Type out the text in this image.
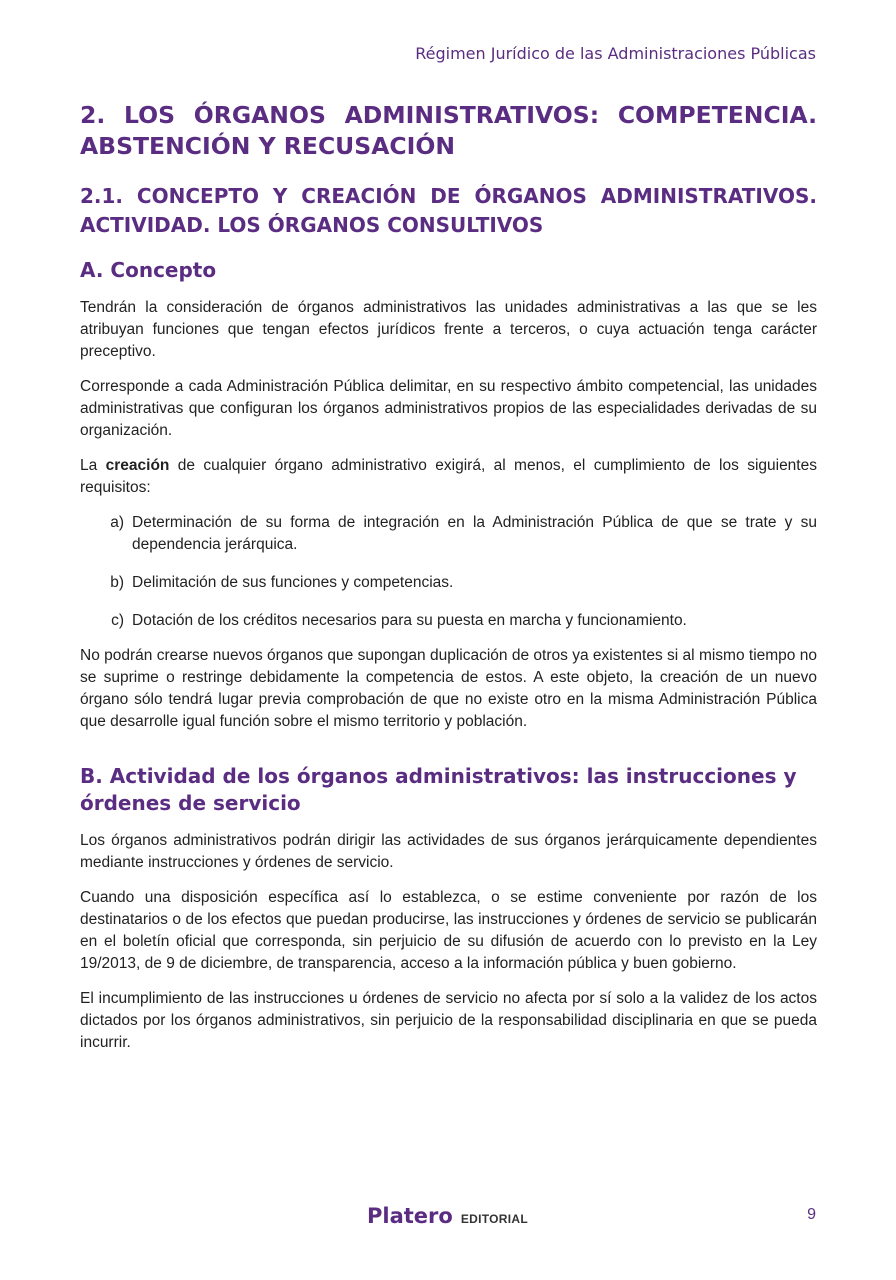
Régimen Jurídico de las Administraciones Públicas
2. LOS ÓRGANOS ADMINISTRATIVOS: COMPETENCIA. ABSTENCIÓN Y RECUSACIÓN
2.1. CONCEPTO Y CREACIÓN DE ÓRGANOS ADMINISTRATIVOS. ACTIVIDAD. LOS ÓRGANOS CONSULTIVOS
A. Concepto

Tendrán la consideración de órganos administrativos las unidades administrativas a las que se les atribuyan funciones que tengan efectos jurídicos frente a terceros, o cuya actuación tenga carácter preceptivo.

Corresponde a cada Administración Pública delimitar, en su respectivo ámbito competencial, las unidades administrativas que configuran los órganos administrativos propios de las especialidades derivadas de su organización.

La creación de cualquier órgano administrativo exigirá, al menos, el cumplimiento de los siguientes requisitos:

a) Determinación de su forma de integración en la Administración Pública de que se trate y su dependencia jerárquica.
b) Delimitación de sus funciones y competencias.
c) Dotación de los créditos necesarios para su puesta en marcha y funcionamiento.

No podrán crearse nuevos órganos que supongan duplicación de otros ya existentes si al mismo tiempo no se suprime o restringe debidamente la competencia de estos. A este objeto, la creación de un nuevo órgano sólo tendrá lugar previa comprobación de que no existe otro en la misma Administración Pública que desarrolle igual función sobre el mismo territorio y población.

B. Actividad de los órganos administrativos: las instrucciones y órdenes de servicio

Los órganos administrativos podrán dirigir las actividades de sus órganos jerárquicamente dependientes mediante instrucciones y órdenes de servicio.

Cuando una disposición específica así lo establezca, o se estime conveniente por razón de los destinatarios o de los efectos que puedan producirse, las instrucciones y órdenes de servicio se publicarán en el boletín oficial que corresponda, sin perjuicio de su difusión de acuerdo con lo previsto en la Ley 19/2013, de 9 de diciembre, de transparencia, acceso a la información pública y buen gobierno.

El incumplimiento de las instrucciones u órdenes de servicio no afecta por sí solo a la validez de los actos dictados por los órganos administrativos, sin perjuicio de la responsabilidad disciplinaria en que se pueda incurrir.

Platero EDITORIAL	9
